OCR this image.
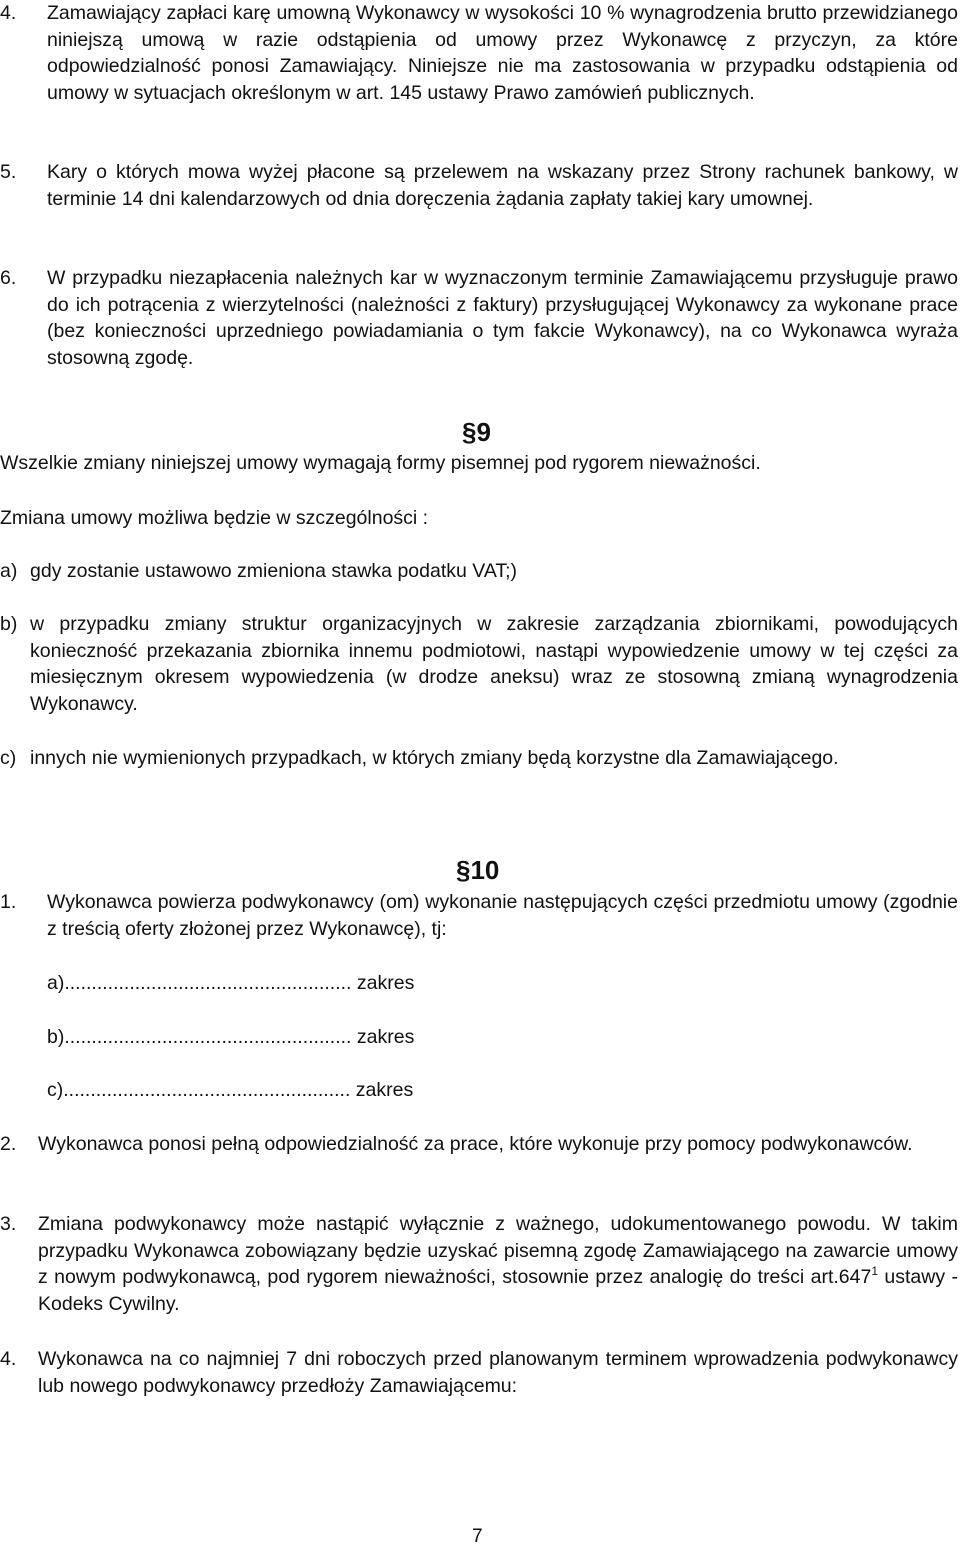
4. Zamawiający zapłaci karę umowną Wykonawcy w wysokości 10 % wynagrodzenia brutto przewidzianego niniejszą umową w razie odstąpienia od umowy przez Wykonawcę z przyczyn, za które odpowiedzialność ponosi Zamawiający. Niniejsze nie ma zastosowania w przypadku odstąpienia od umowy w sytuacjach określonym w art. 145 ustawy Prawo zamówień publicznych.
5. Kary o których mowa wyżej płacone są przelewem na wskazany przez Strony rachunek bankowy, w terminie 14 dni kalendarzowych od dnia doręczenia żądania zapłaty takiej kary umownej.
6. W przypadku niezapłacenia należnych kar w wyznaczonym terminie Zamawiającemu przysługuje prawo do ich potrącenia z wierzytelności (należności z faktury) przysługującej Wykonawcy za wykonane prace (bez konieczności uprzedniego powiadamiania o tym fakcie Wykonawcy), na co Wykonawca wyraża stosowną zgodę.
§9
Wszelkie zmiany niniejszej umowy wymagają formy pisemnej pod rygorem nieważności.
Zmiana umowy możliwa będzie w szczególności :
a) gdy zostanie ustawowo zmieniona stawka podatku VAT;)
b) w przypadku zmiany struktur organizacyjnych w zakresie zarządzania zbiornikami, powodujących konieczność przekazania zbiornika innemu podmiotowi, nastąpi wypowiedzenie umowy w tej części za miesięcznym okresem wypowiedzenia (w drodze aneksu) wraz ze stosowną zmianą wynagrodzenia Wykonawcy.
c) innych nie wymienionych przypadkach, w których zmiany będą korzystne dla Zamawiającego.
§10
1. Wykonawca powierza podwykonawcy (om) wykonanie następujących części przedmiotu umowy (zgodnie z treścią oferty złożonej przez Wykonawcę), tj:
a)..................................................... zakres
b)..................................................... zakres
c)..................................................... zakres
2. Wykonawca ponosi pełną odpowiedzialność za prace, które wykonuje przy pomocy podwykonawców.
3. Zmiana podwykonawcy może nastąpić wyłącznie z ważnego, udokumentowanego powodu. W takim przypadku Wykonawca zobowiązany będzie uzyskać pisemną zgodę Zamawiającego na zawarcie umowy z nowym podwykonawcą, pod rygorem nieważności, stosownie przez analogię do treści art.647$^1$ ustawy - Kodeks Cywilny.
4. Wykonawca na co najmniej 7 dni roboczych przed planowanym terminem wprowadzenia podwykonawcy lub nowego podwykonawcy przedłoży Zamawiającemu:
7
